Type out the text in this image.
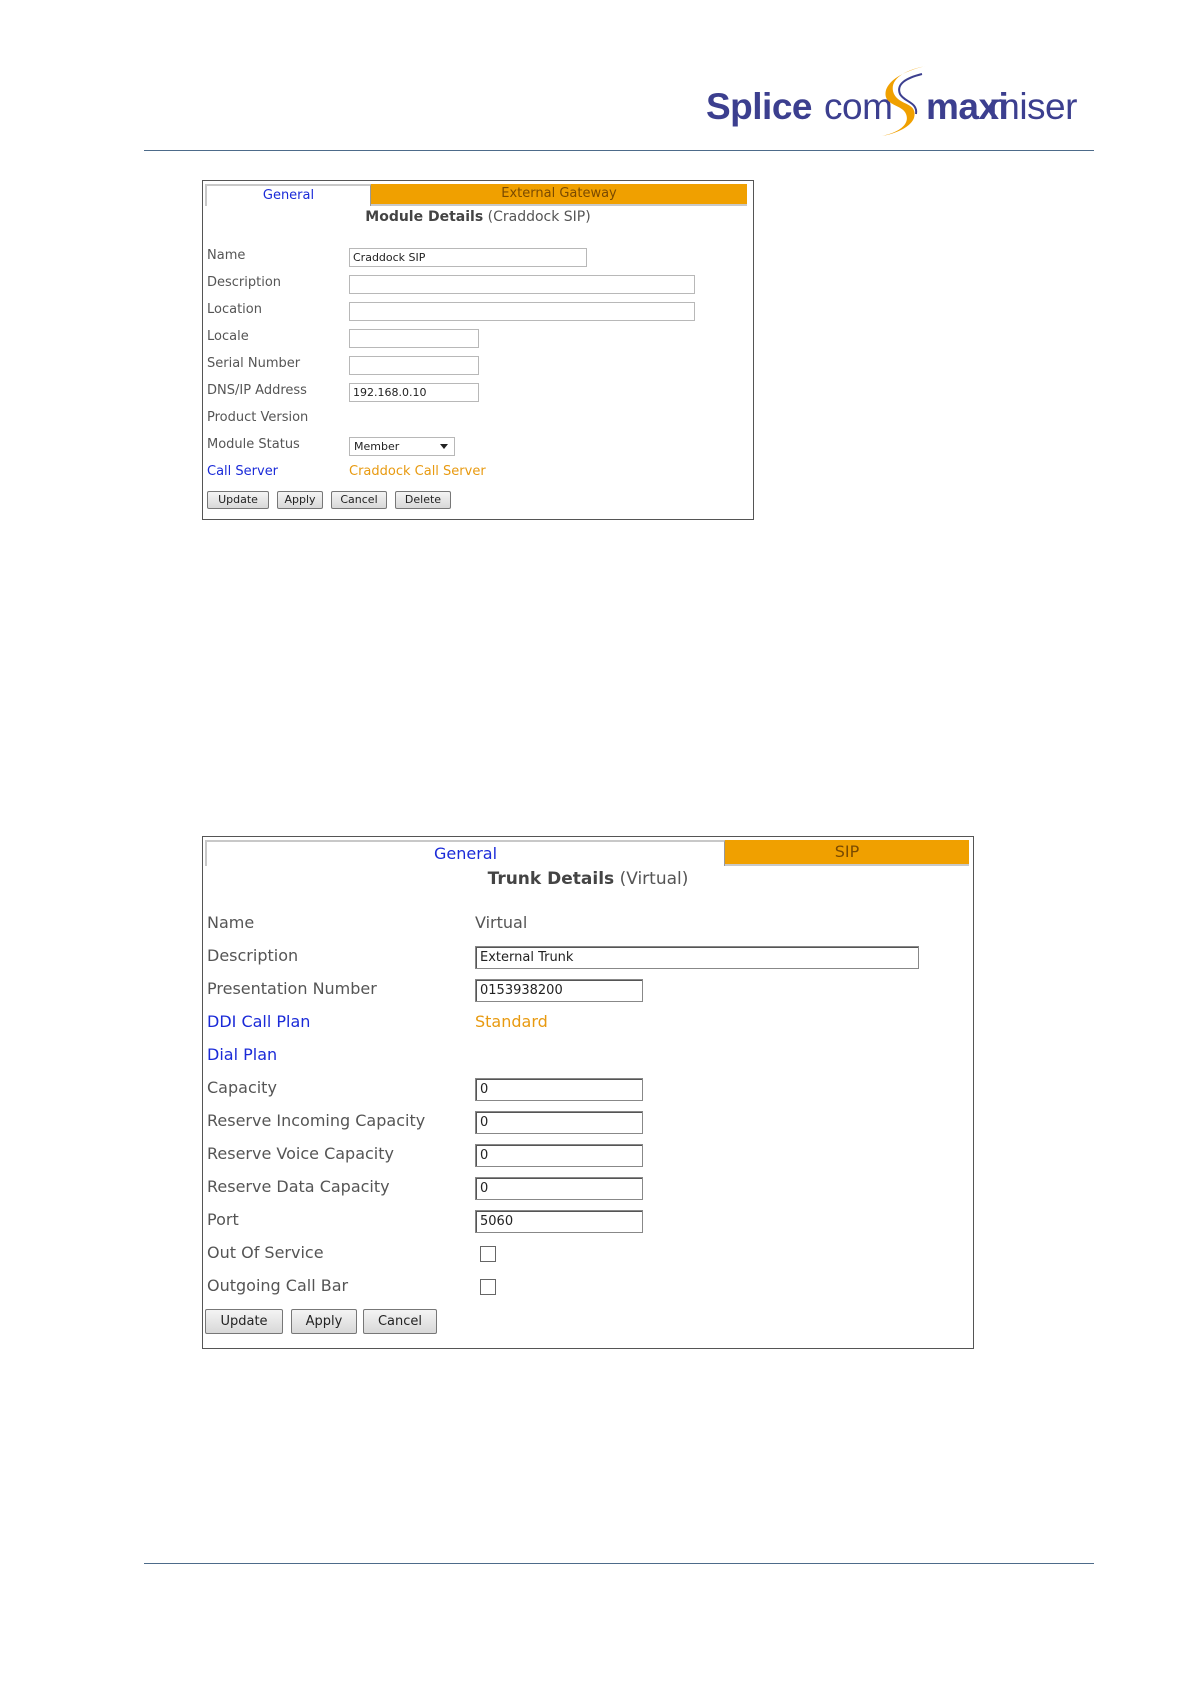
Splice com maxi
miser
General	External Gateway
Module Details (Craddock SIP)
Name	Craddock SIP
Description
Location
Locale
Serial Number
DNS/IP Address	192.168.0.10
Product Version
Module Status	Member
Call Server	Craddock Call Server
Update	Apply	Cancel	Delete
General	SIP
Trunk Details (Virtual)
Name	Virtual
Description	External Trunk
Presentation Number	0153938200
DDI Call Plan	Standard
Dial Plan
Capacity	0
Reserve Incoming Capacity	0
Reserve Voice Capacity	0
Reserve Data Capacity	0
Port	5060
Out Of Service
Outgoing Call Bar
Update	Apply	Cancel
